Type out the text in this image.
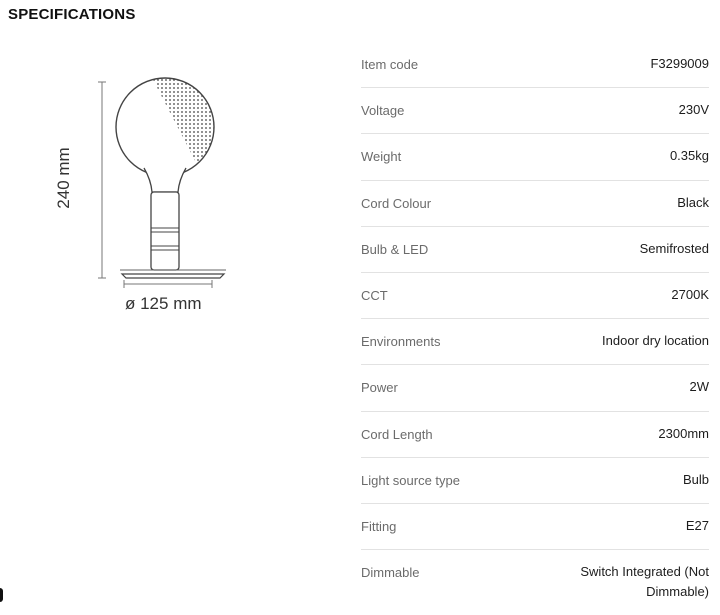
SPECIFICATIONS
240 mm
ø 125 mm
Item code	F3299009
Voltage	230V
Weight	0.35kg
Cord Colour	Black
Bulb & LED	Semifrosted
CCT	2700K
Environments	Indoor dry location
Power	2W
Cord Length	2300mm
Light source type	Bulb
Fitting	E27
Dimmable	Switch Integrated (Not Dimmable)
